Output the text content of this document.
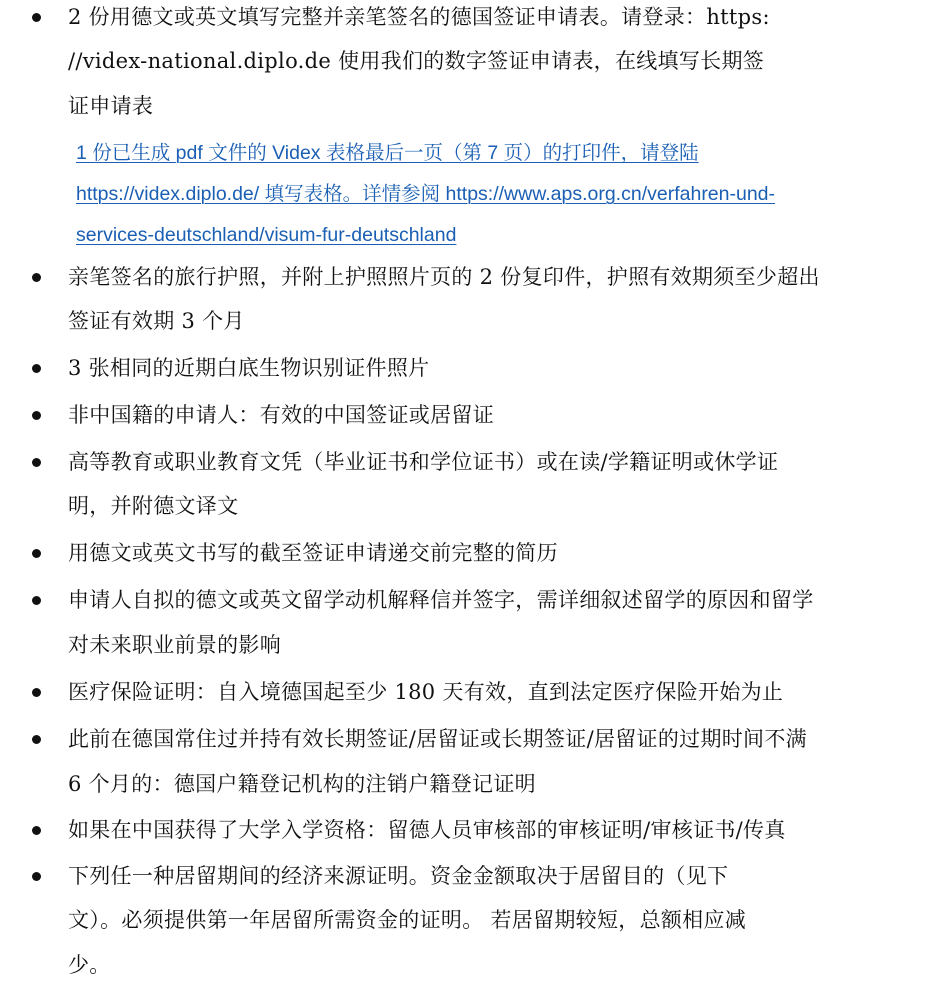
2 份用德文或英文填写完整并亲笔签名的德国签证申请表。请登录：https:
//videx-national.diplo.de 使用我们的数字签证申请表，在线填写长期签
证申请表
1 份已生成 pdf 文件的 Videx 表格最后一页（第 7 页）的打印件，请登陆
https://videx.diplo.de/ 填写表格。详情参阅 https://www.aps.org.cn/verfahren-und-
services-deutschland/visum-fur-deutschland
亲笔签名的旅行护照，并附上护照照片页的 2 份复印件，护照有效期须至少超出
签证有效期 3 个月
3 张相同的近期白底生物识别证件照片
非中国籍的申请人：有效的中国签证或居留证
高等教育或职业教育文凭（毕业证书和学位证书）或在读/学籍证明或休学证
明，并附德文译文
用德文或英文书写的截至签证申请递交前完整的简历
申请人自拟的德文或英文留学动机解释信并签字，需详细叙述留学的原因和留学
对未来职业前景的影响
医疗保险证明：自入境德国起至少 180 天有效，直到法定医疗保险开始为止
此前在德国常住过并持有效长期签证/居留证或长期签证/居留证的过期时间不满
6 个月的：德国户籍登记机构的注销户籍登记证明
如果在中国获得了大学入学资格：留德人员审核部的审核证明/审核证书/传真
下列任一种居留期间的经济来源证明。资金金额取决于居留目的（见下
文）。必须提供第一年居留所需资金的证明。 若居留期较短，总额相应减
少。
